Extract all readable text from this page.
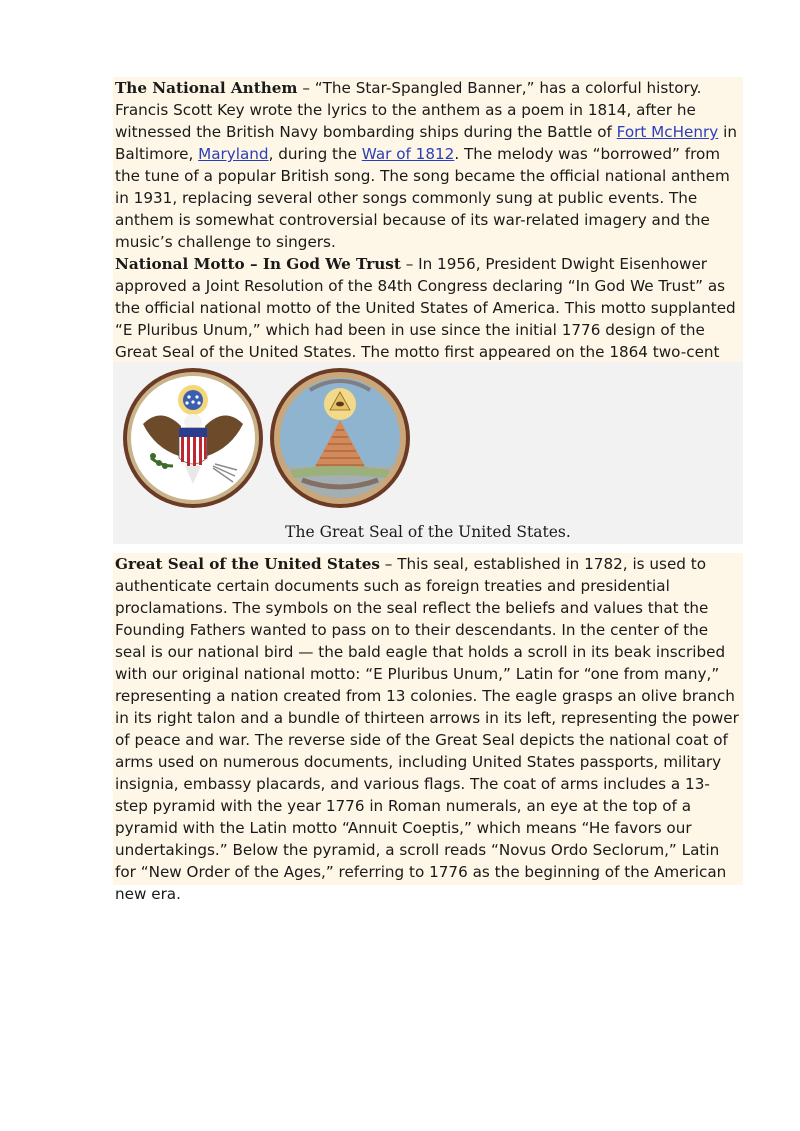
The National Anthem – “The Star-Spangled Banner,” has a colorful history. Francis Scott Key wrote the lyrics to the anthem as a poem in 1814, after he witnessed the British Navy bombarding ships during the Battle of Fort McHenry in Baltimore, Maryland, during the War of 1812. The melody was “borrowed” from the tune of a popular British song. The song became the official national anthem in 1931, replacing several other songs commonly sung at public events. The anthem is somewhat controversial because of its war-related imagery and the music’s challenge to singers.

National Motto – In God We Trust – In 1956, President Dwight Eisenhower approved a Joint Resolution of the 84th Congress declaring “In God We Trust” as the official national motto of the United States of America. This motto supplanted “E Pluribus Unum,” which had been in use since the initial 1776 design of the Great Seal of the United States. The motto first appeared on the 1864 two-cent

The Great Seal of the United States.

Great Seal of the United States – This seal, established in 1782, is used to authenticate certain documents such as foreign treaties and presidential proclamations. The symbols on the seal reflect the beliefs and values that the Founding Fathers wanted to pass on to their descendants. In the center of the seal is our national bird — the bald eagle that holds a scroll in its beak inscribed with our original national motto: “E Pluribus Unum,” Latin for “one from many,” representing a nation created from 13 colonies. The eagle grasps an olive branch in its right talon and a bundle of thirteen arrows in its left, representing the power of peace and war. The reverse side of the Great Seal depicts the national coat of arms used on numerous documents, including United States passports, military insignia, embassy placards, and various flags. The coat of arms includes a 13-step pyramid with the year 1776 in Roman numerals, an eye at the top of a pyramid with the Latin motto “Annuit Coeptis,” which means “He favors our undertakings.” Below the pyramid, a scroll reads “Novus Ordo Seclorum,” Latin for “New Order of the Ages,” referring to 1776 as the beginning of the American new era.
